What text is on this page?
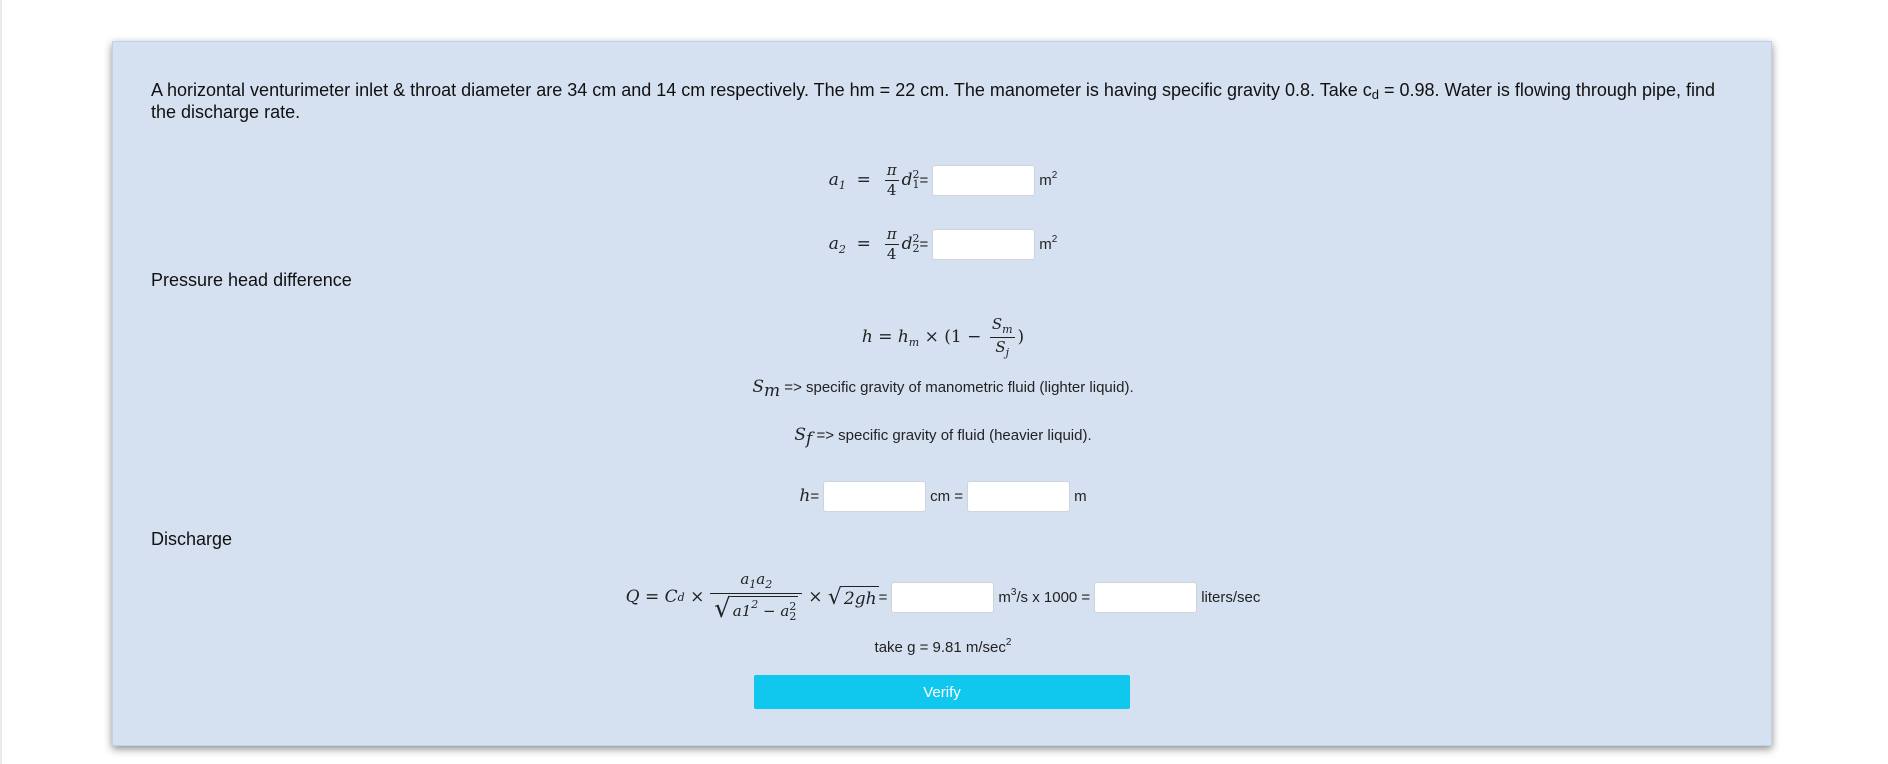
A horizontal venturimeter inlet & throat diameter are 34 cm and 14 cm respectively. The hm = 22 cm. The manometer is having specific gravity 0.8. Take $c_d = 0.98$. Water is flowing through pipe, find the discharge rate.
$a_1 = \frac{\pi}{4}$ d 2
1 =	$m^2$
$a_2 = \frac{\pi}{4}$ d 2
2 =	$m^2$
Pressure head difference
$h = h_m \times (1 - \frac{S_m}{S_j}$ )
Sm => specific gravity of manometric fluid (lighter liquid).
Sf => specific gravity of fluid (heavier liquid).
h =	cm =	m
Discharge
Q
=
C d
× $a_1a_2$
√ $a1^2 - a$ 2
2 ×
√ 2gh =	$m^3/s$ x 1000 =	liters/sec
take g = 9.81 $m/\sec^2$
Verify
